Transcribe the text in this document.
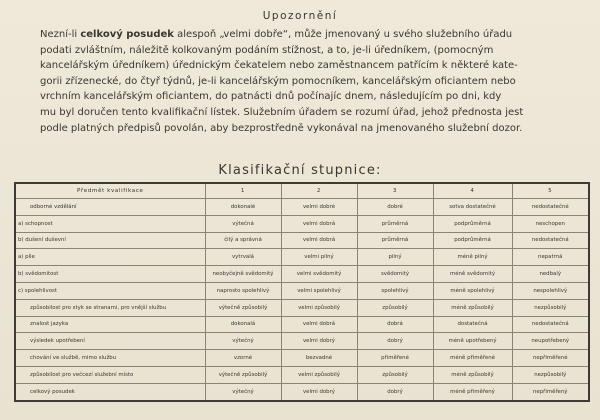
Upozornění

Nezní-li celkový posudek alespoň „velmi dobře“, může jmenovaný u svého služebního úřadu

podati zvláštním, náležitě kolkovaným podáním stížnost, a to, je-li úředníkem, (pomocným

kancelářským úředníkem) úřednickým čekatelem nebo zaměstnancem patřícím k některé kate-

gorii zřízenecké, do čtyř týdnů, je-li kancelářským pomocníkem, kancelářským oficiantem nebo

vrchním kancelářským oficiantem, do patnácti dnů počínajíc dnem, následujícím po dni, kdy

mu byl doručen tento kvalifikační lístek. Služebním úřadem se rozumí úřad, jehož přednosta jest

podle platných předpisů povolán, aby bezprostředně vykonával na jmenovaného služební dozor.

Klasifikační stupnice:
Předmět kvalifikace	1	2	3	4	5
odborné vzdělání	dokonalé	velmi dobré	dobré	sotva dostatečné	nedostatečné
a) schopnost	výtečná	velmi dobrá	průměrná	podprůměrná	neschopen
b) dušení duševní	čilý a správná	velmi dobrá	průměrná	podprůměrná	nedostatečná
a) píle	vytrvalá	velmi pilný	pilný	méně pilný	nepatrná
b) svědomitost	neobyčejně svědomitý	velmi svědomitý	svědomitý	méně svědomitý	nedbalý
c) spolehlivost	naprosto spolehlivý	velmi spolehlivý	spolehlivý	méně spolehlivý	nespolehlivý
způsobilost pro styk se stranami, pro vnější službu	výtečně způsobilý	velmi způsobilý	způsobilý	méně způsobilý	nezpůsobilý
znalost jazyka	dokonalá	velmi dobrá	dobrá	dostatečná	nedostatečná
výsledek upotřebení	výtečný	velmi dobrý	dobrý	méně upotřebený	neupotřebený
chování ve službě, mimo službu	vzorné	bezvadné	přiměřené	méně přiměřené	nepřiměřené
způsobilost pro večcezí služební místo	výtečně způsobilý	velmi způsobilý	způsobilý	méně způsobilý	nezpůsobilý
celkový posudek	výtečný	velmi dobrý	dobrý	méně přiměřený	nepřiměřený
